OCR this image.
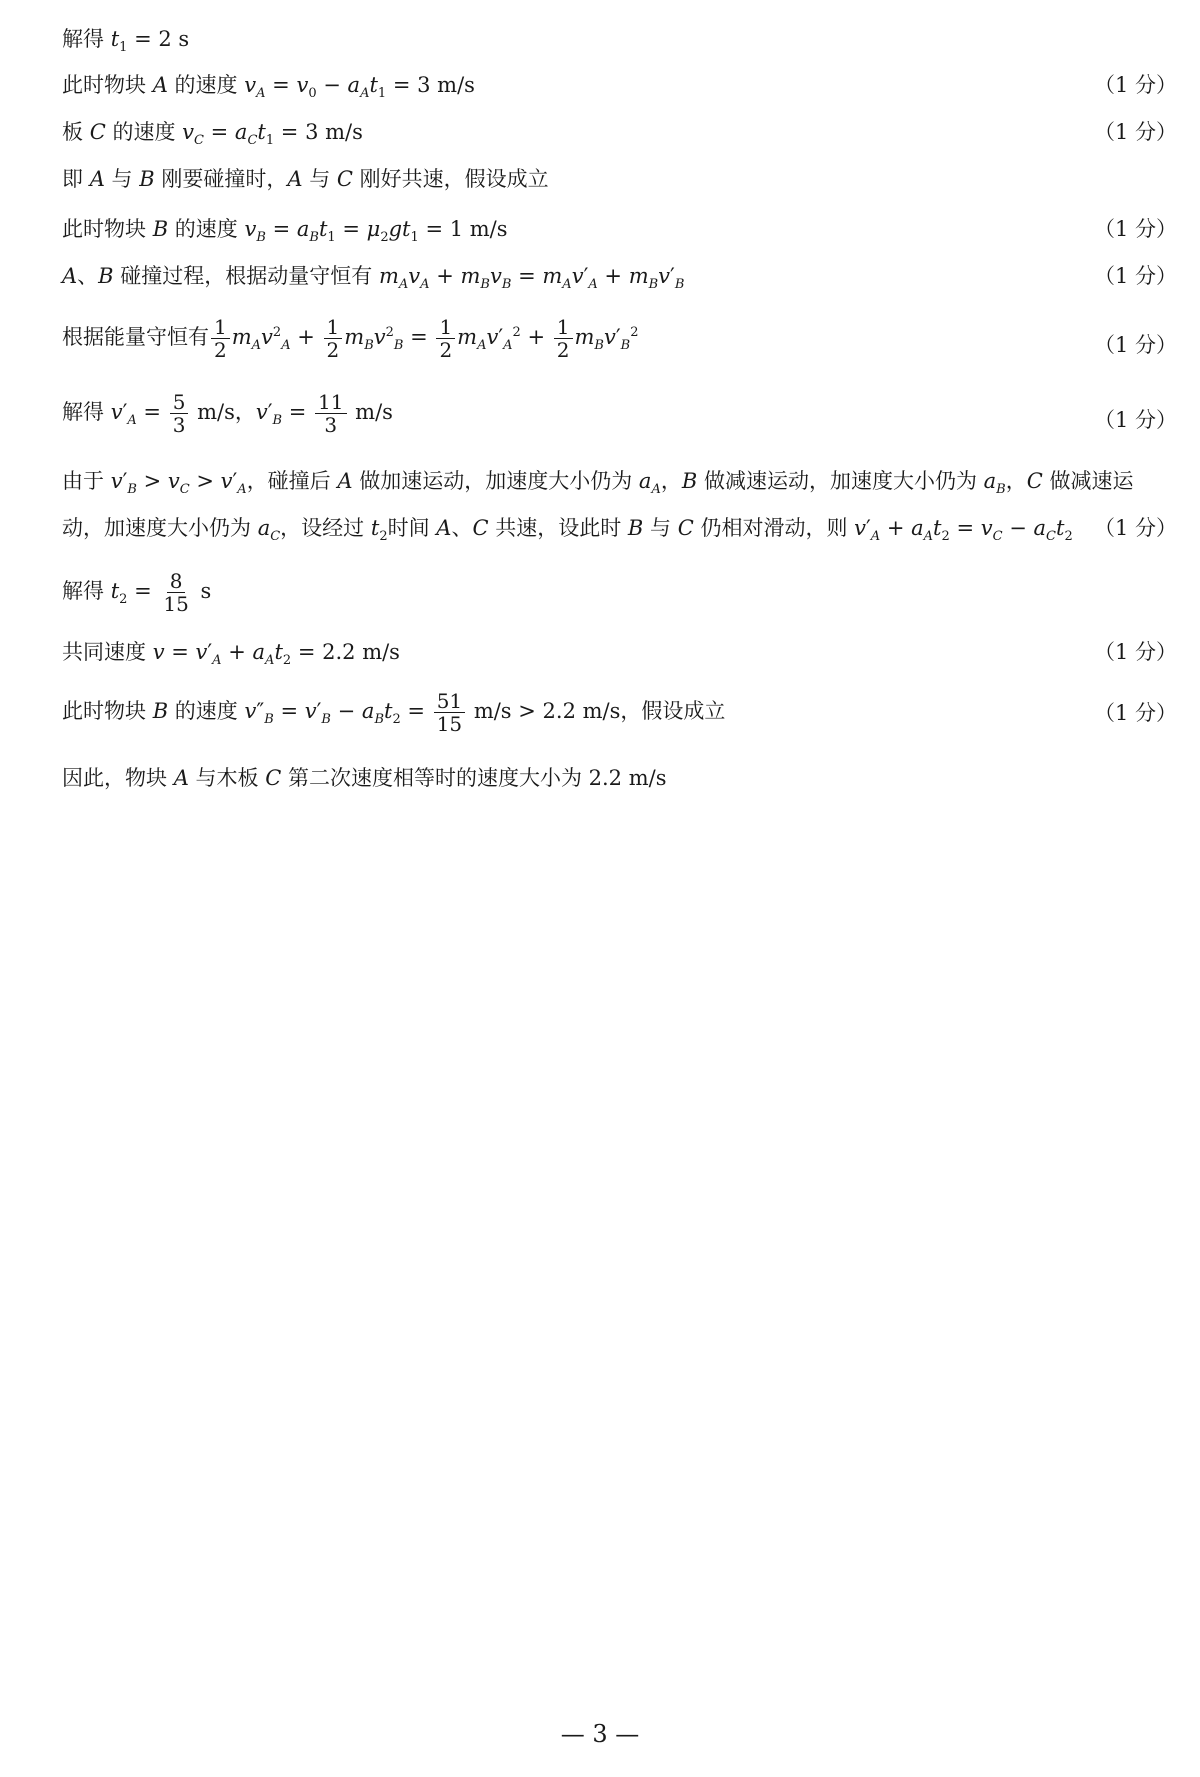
解得 $t_1 = 2$ s
此时物块 A 的速度 $v_A = v_0 - a_At_1 = 3$ m/s	（1 分）
板 C 的速度 $v_C = a_Ct_1 = 3$ m/s	（1 分）
即 A 与 B 刚要碰撞时，A 与 C 刚好共速，假设成立
此时物块 B 的速度 $v_B = a_Bt_1 = \mu_2gt_1 = 1$ m/s	（1 分）
A、B 碰撞过程，根据动量守恒有 $m_Av_A + m_Bv_B = m_Av'_A + m_Bv'_B$	（1 分）
根据能量守恒有 $\frac{1}{2} m_Av^2_A + \frac{1}{2} m_Bv^2_B = \frac{1}{2} m_Av'_A^2 + \frac{1}{2} m_Bv'_B^2$
（1 分）
解得 $v'_A = \frac{5}{3} m/s$，$v'_B = \frac{11}{3} m/s$	（1 分）
由于 $v'_B > v_C > v'_A$，碰撞后 A 做加速运动，加速度大小仍为 $a_A$，B 做减速运动，加速度大小仍为 $a_B$，C 做减速运
动，加速度大小仍为 $a_C$，设经过 $t_2$时间 A、C 共速，设此时 B 与 C 仍相对滑动，则 $v'_A + a_At_2 = v_C - a_Ct_2$ （1 分）
解得 $t_2 = \frac{8}{15}$ s
共同速度 $v = v'_A + a_At_2 = 2.2$ m/s	（1 分）
此时物块 B 的速度 $v''_B = v'_B - a_Bt_2 = \frac{51}{15} m/s > 2.2$ m/s，假设成立	（1 分）
因此，物块 A 与木板 C 第二次速度相等时的速度大小为 2.2 m/s
— 3 —
